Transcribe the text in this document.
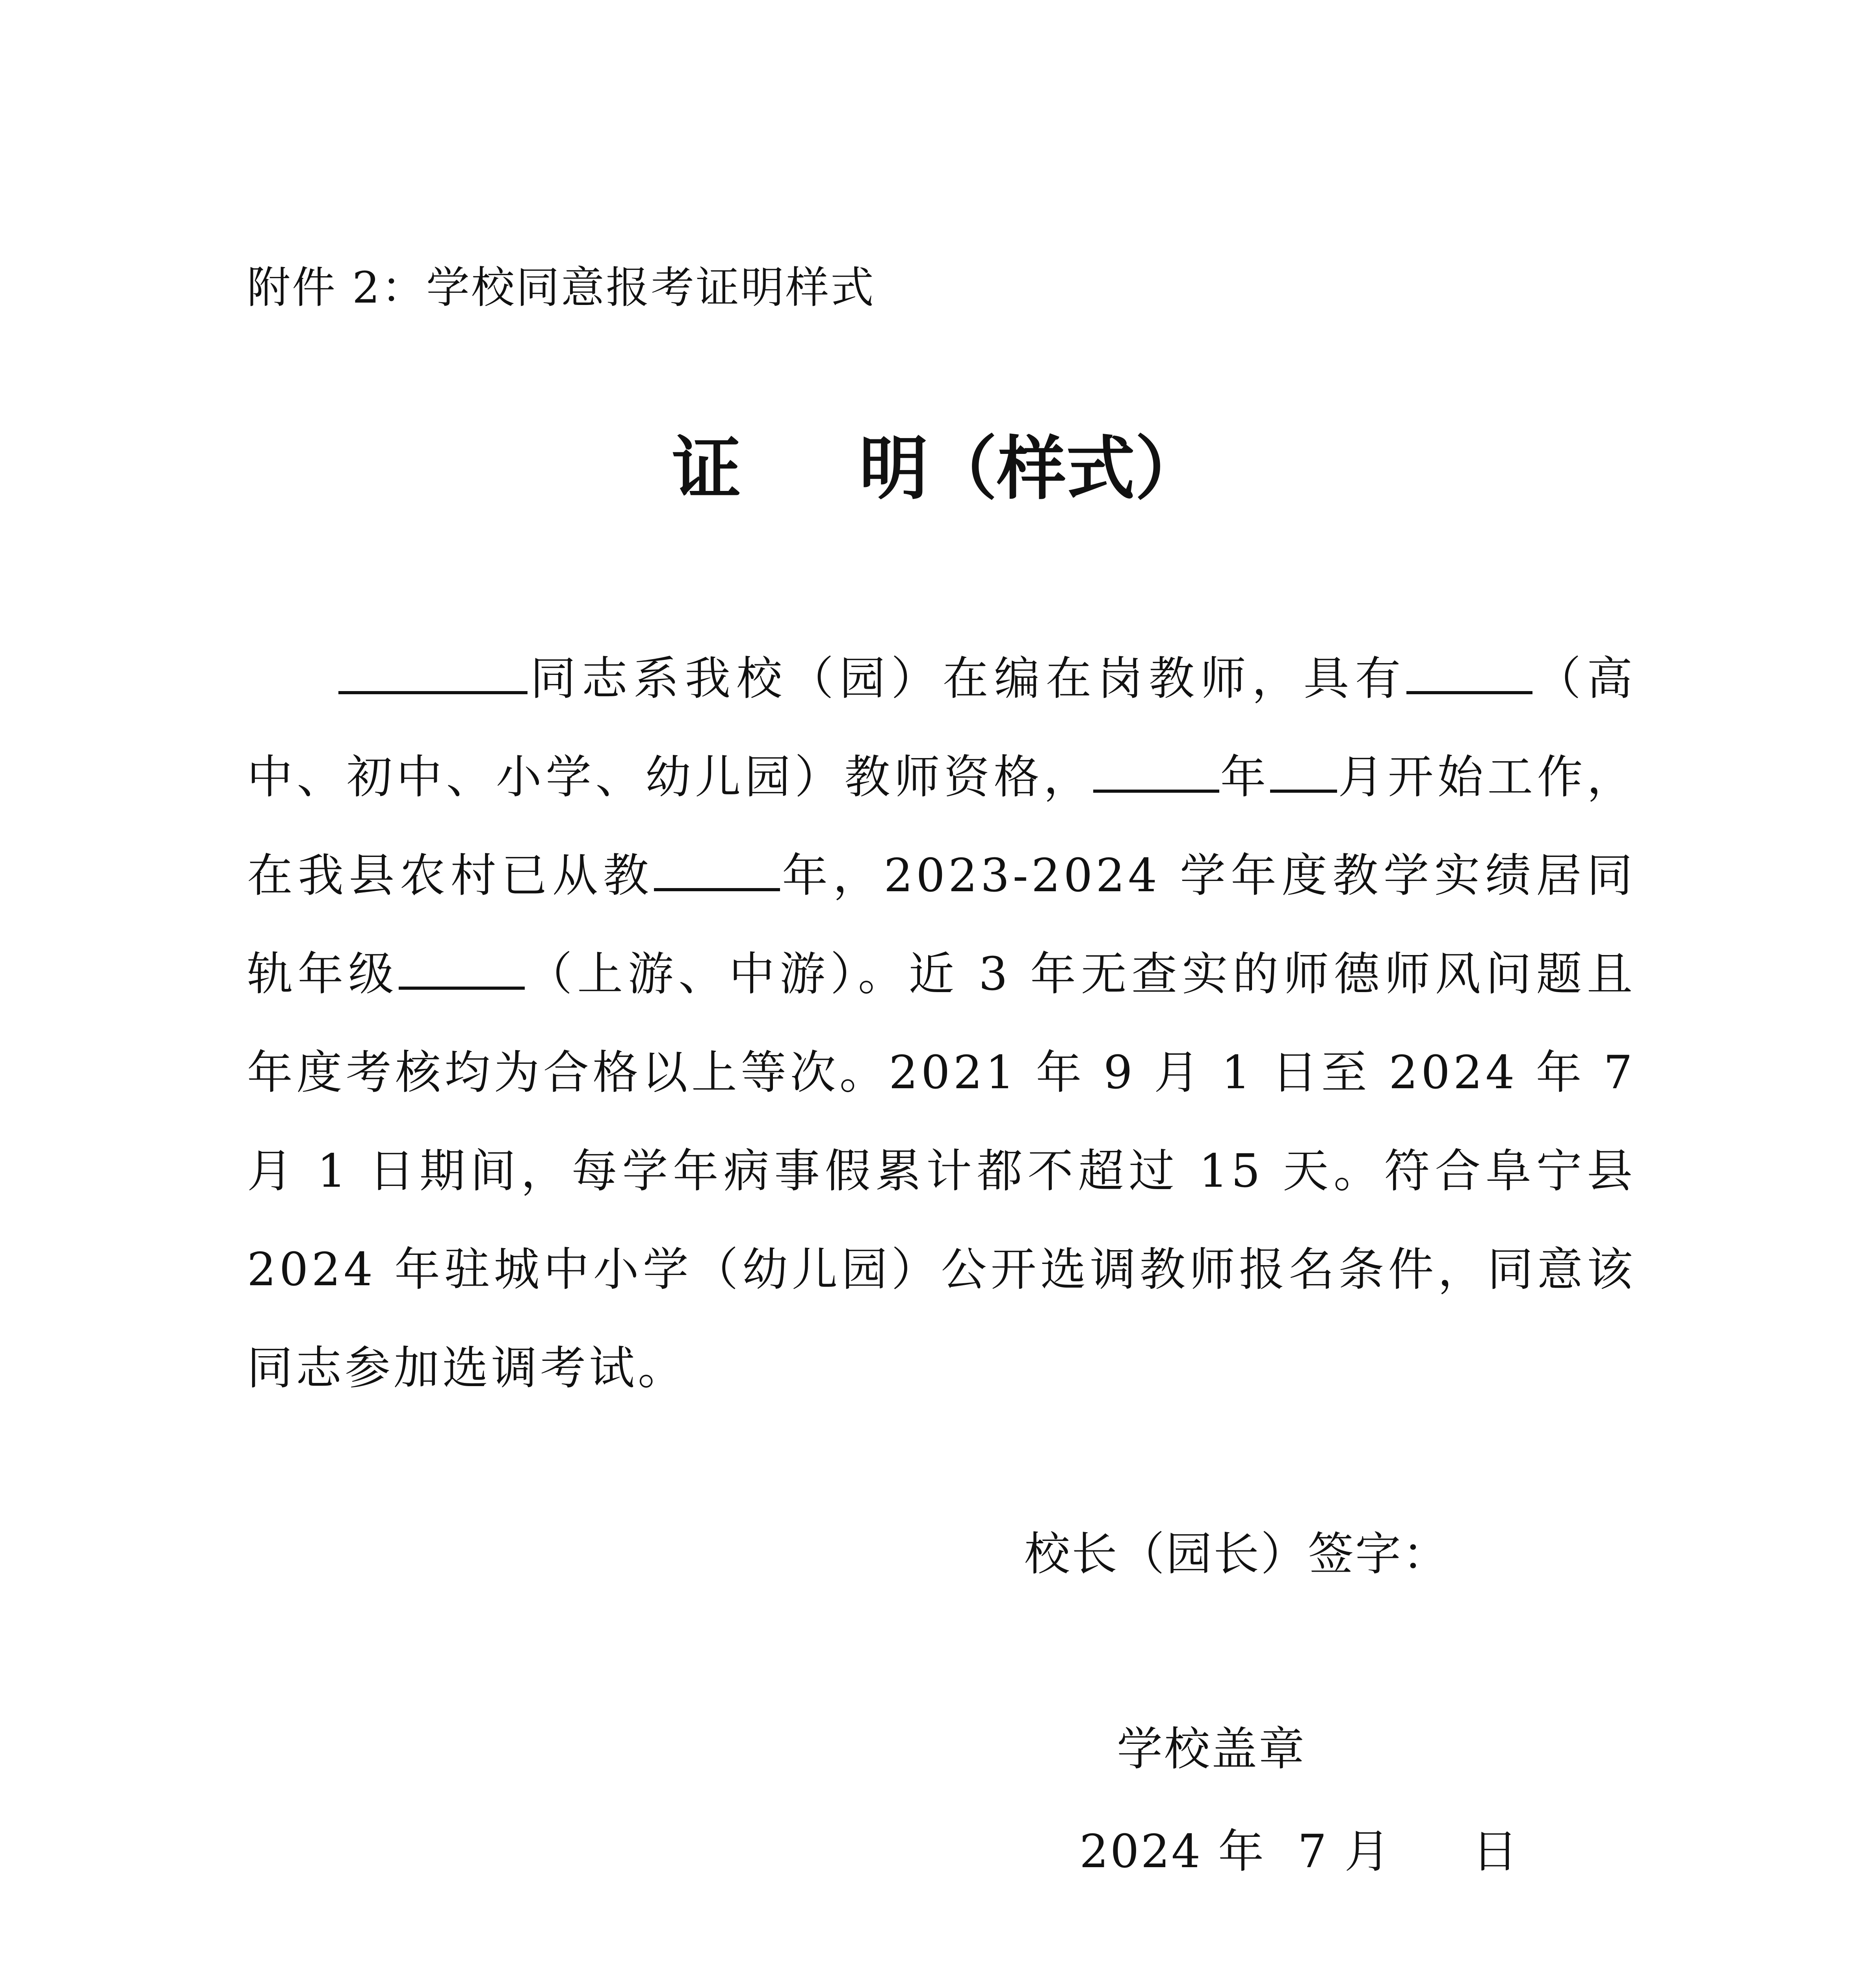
附件 2：学校同意报考证明样式
证 明（样式）
同志系我校（园）在编在岗教师，具有	（高中、初中、小学、幼儿园）教师资格，	年 月开始工作，在我县农村已从教	年，2023-2024 学年度教学实绩居同轨年级	（上游、中游）。近 3 年无查实的师德师风问题且年度考核均为合格以上等次。2021 年 9 月 1 日至 2024 年 7 月 1 日期间，每学年病事假累计都不超过 15 天。符合阜宁县 2024 年驻城中小学（幼儿园）公开选调教师报名条件，同意该同志参加选调考试。
校长（园长）签字：
学校盖章
2024 年  7 月     日
